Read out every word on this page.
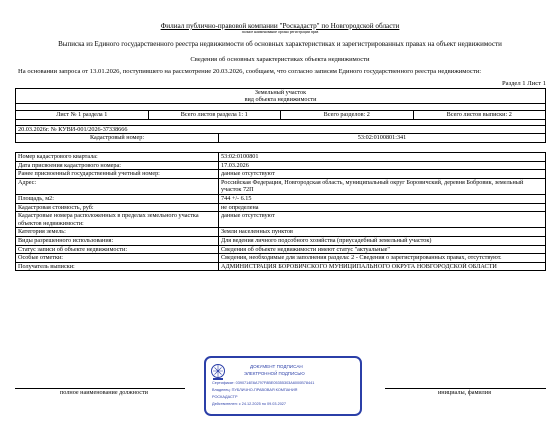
Филиал публично-правовой компании "Роскадастр" по Новгородской области
полное наименование органа регистрации прав
Выписка из Единого государственного реестра недвижимости об основных характеристиках и зарегистрированных правах на объект недвижимости
Сведения об основных характеристиках объекта недвижимости
На основании запроса от 13.01.2026, поступившего на рассмотрение 20.03.2026, сообщаем, что согласно записям Единого государственного реестра недвижимости:
Раздел 1 Лист 1
Земельный участок
вид объекта недвижимости

Лист № 1 раздела 1	Всего листов раздела 1: 1	Всего разделов: 2	Всего листов выписки: 2

20.03.2026г. № КУВИ-001/2026-37338666

Кадастровый номер:	53:02:0100801:341
Номер кадастрового квартала:	53:02:0100801
Дата присвоения кадастрового номера:	17.03.2026
Ранее присвоенный государственный учетный номер:	данные отсутствуют
Адрес:	Российская Федерация, Новгородская область, муниципальный округ Боровичский, деревня Бобровик, земельный участок 72П
Площадь, м2:	744 +/- 6.15
Кадастровая стоимость, руб:	не определена
Кадастровые номера расположенных в пределах земельного участка объектов недвижимости:	данные отсутствуют
Категория земель:	Земли населенных пунктов
Виды разрешенного использования:	Для ведения личного подсобного хозяйства (приусадебный земельный участок)
Статус записи об объекте недвижимости:	Сведения об объекте недвижимости имеют статус "актуальные"
Особые отметки:	Сведения, необходимые для заполнения раздела: 2 - Сведения о зарегистрированных правах, отсутствуют.
Получатель выписки:	АДМИНИСТРАЦИЯ БОРОВИЧСКОГО МУНИЦИПАЛЬНОГО ОКРУГА НОВГОРОДСКОЙ ОБЛАСТИ
полное наименование должности	инициалы, фамилия
ДОКУМЕНТ ПОДПИСАН
ЭЛЕКТРОННОЙ ПОДПИСЬЮ
Сертификат: 0390714E6A797F8BE05355303A6000B78441
Владелец: ПУБЛИЧНО-ПРАВОВАЯ КОМПАНИЯ
РОСКАДАСТР
Действителен: с 24.12.2025 по 09.03.2027
